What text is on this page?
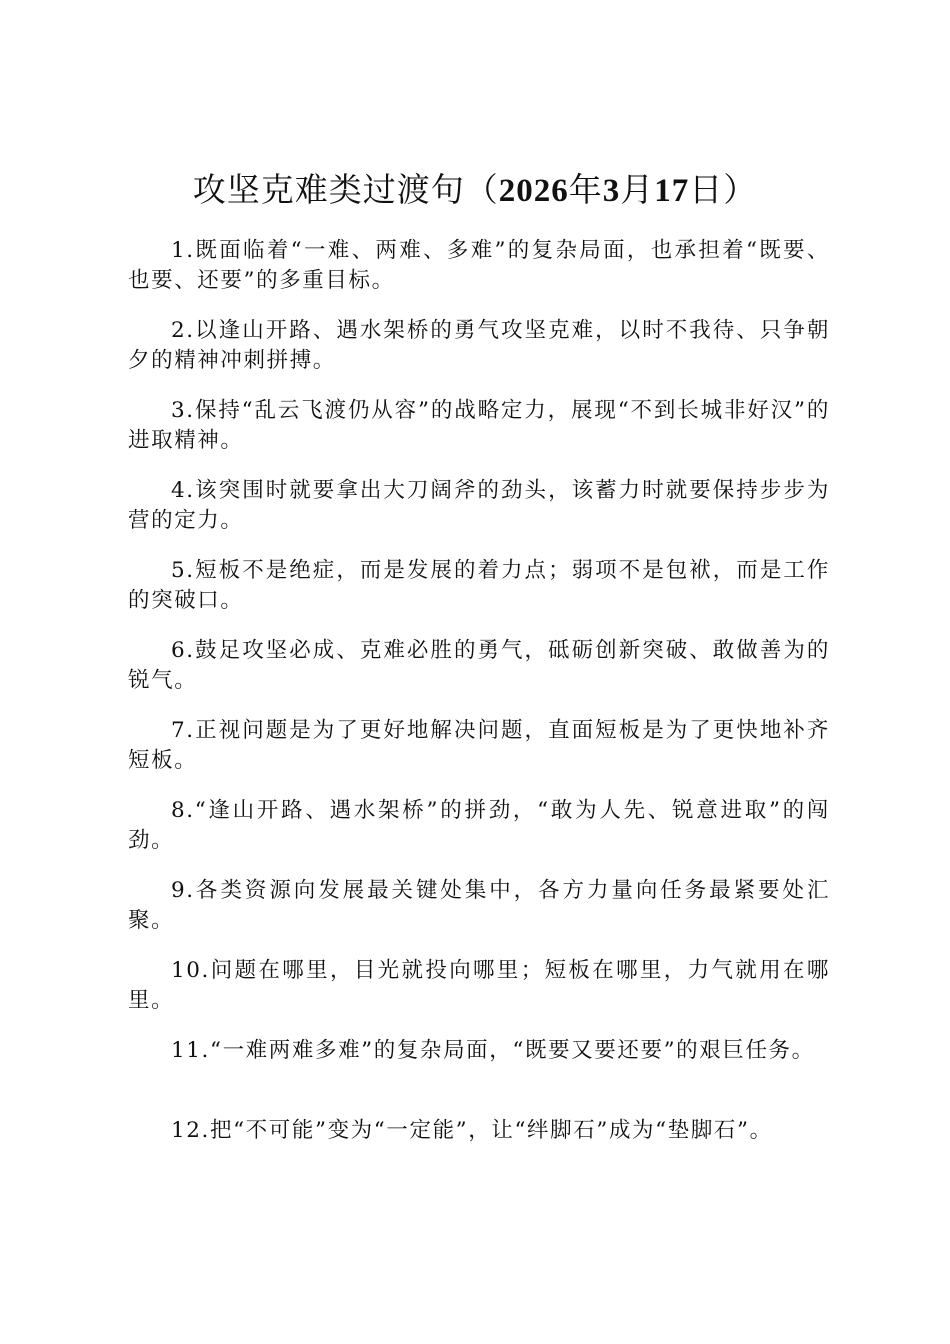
攻坚克难类过渡句（2026年3月17日）

1.既面临着“一难、两难、多难”的复杂局面，也承担着“既要、也要、还要”的多重目标。

2.以逢山开路、遇水架桥的勇气攻坚克难，以时不我待、只争朝夕的精神冲刺拼搏。

3.保持“乱云飞渡仍从容”的战略定力，展现“不到长城非好汉”的进取精神。

4.该突围时就要拿出大刀阔斧的劲头，该蓄力时就要保持步步为营的定力。

5.短板不是绝症，而是发展的着力点；弱项不是包袱，而是工作的突破口。

6.鼓足攻坚必成、克难必胜的勇气，砥砺创新突破、敢做善为的锐气。

7.正视问题是为了更好地解决问题，直面短板是为了更快地补齐短板。

8.“逢山开路、遇水架桥”的拼劲，“敢为人先、锐意进取”的闯劲。

9.各类资源向发展最关键处集中，各方力量向任务最紧要处汇聚。

10.问题在哪里，目光就投向哪里；短板在哪里，力气就用在哪里。

11.“一难两难多难”的复杂局面，“既要又要还要”的艰巨任务。

12.把“不可能”变为“一定能”，让“绊脚石”成为“垫脚石”。
